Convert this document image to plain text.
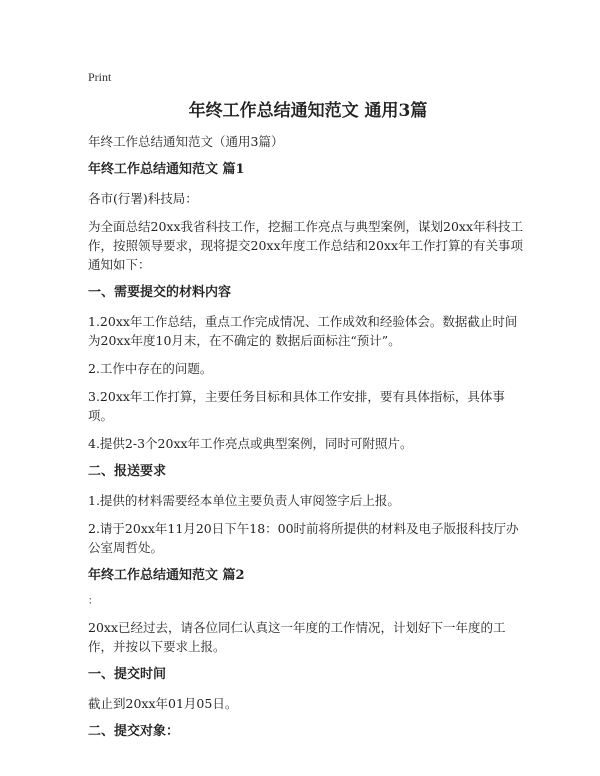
Print
年终工作总结通知范文 通用3篇

年终工作总结通知范文（通用3篇）

年终工作总结通知范文 篇1

各市(行署)科技局：

为全面总结20xx我省科技工作，挖掘工作亮点与典型案例，谋划20xx年科技工作，按照领导要求，现将提交20xx年度工作总结和20xx年工作打算的有关事项通知如下：

一、需要提交的材料内容

1.20xx年工作总结，重点工作完成情况、工作成效和经验体会。数据截止时间为20xx年度10月末，在不确定的 数据后面标注“预计”。

2.工作中存在的问题。

3.20xx年工作打算，主要任务目标和具体工作安排，要有具体指标，具体事项。

4.提供2-3个20xx年工作亮点或典型案例，同时可附照片。

二、报送要求

1.提供的材料需要经本单位主要负责人审阅签字后上报。

2.请于20xx年11月20日下午18：00时前将所提供的材料及电子版报科技厅办公室周哲处。

年终工作总结通知范文 篇2

：

20xx已经过去，请各位同仁认真这一年度的工作情况，计划好下一年度的工作，并按以下要求上报。

一、提交时间

截止到20xx年01月05日。

二、提交对象：
